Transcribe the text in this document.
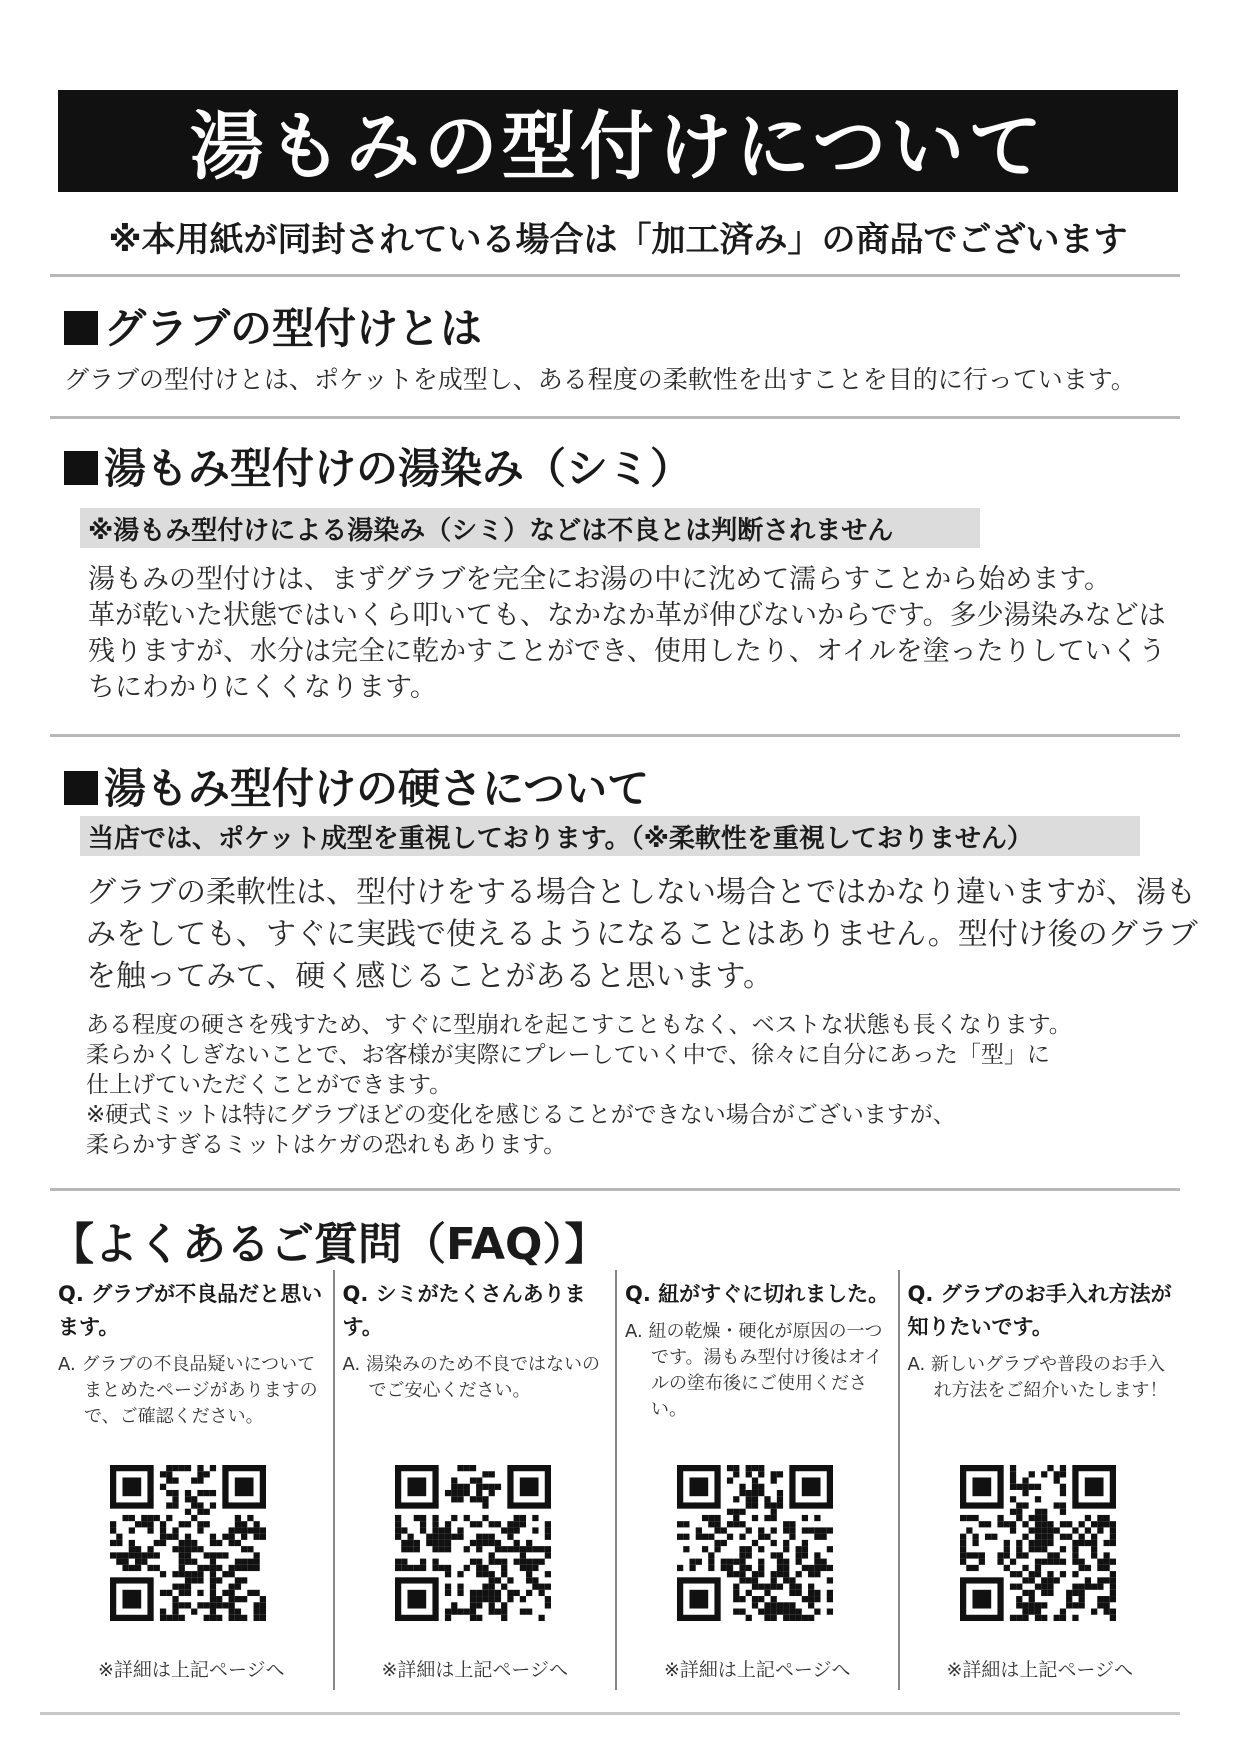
湯もみの型付けについて
※本用紙が同封されている場合は「加工済み」の商品でございます
グラブの型付けとは
グラブの型付けとは、ポケットを成型し、ある程度の柔軟性を出すことを目的に行っています。
湯もみ型付けの湯染み（シミ）
※湯もみ型付けによる湯染み（シミ）などは不良とは判断されません

湯もみの型付けは、まずグラブを完全にお湯の中に沈めて濡らすことから始めます。

革が乾いた状態ではいくら叩いても、なかなか革が伸びないからです。多少湯染みなどは

残りますが、水分は完全に乾かすことができ、使用したり、オイルを塗ったりしていくう

ちにわかりにくくなります。

湯もみ型付けの硬さについて
当店では、ポケット成型を重視しております。（※柔軟性を重視しておりません）

グラブの柔軟性は、型付けをする場合としない場合とではかなり違いますが、湯も

みをしても、すぐに実践で使えるようになることはありません。型付け後のグラブ

を触ってみて、硬く感じることがあると思います。

ある程度の硬さを残すため、すぐに型崩れを起こすこともなく、ベストな状態も長くなります。

柔らかくしぎないことで、お客様が実際にプレーしていく中で、徐々に自分にあった「型」に

仕上げていただくことができます。

※硬式ミットは特にグラブほどの変化を感じることができない場合がございますが、

柔らかすぎるミットはケガの恐れもあります。

【よくあるご質問（FAQ）】
Q. グラブが不良品だと思います。
A. グラブの不良品疑いについてまとめたページがありますので、ご確認ください。
※詳細は上記ページへ
Q. シミがたくさんあります。
A. 湯染みのため不良ではないのでご安心ください。
※詳細は上記ページへ
Q. 紐がすぐに切れました。
A. 紐の乾燥・硬化が原因の一つです。湯もみ型付け後はオイルの塗布後にご使用ください。
※詳細は上記ページへ
Q. グラブのお手入れ方法が知りたいです。
A. 新しいグラブや普段のお手入れ方法をご紹介いたします！
※詳細は上記ページへ
